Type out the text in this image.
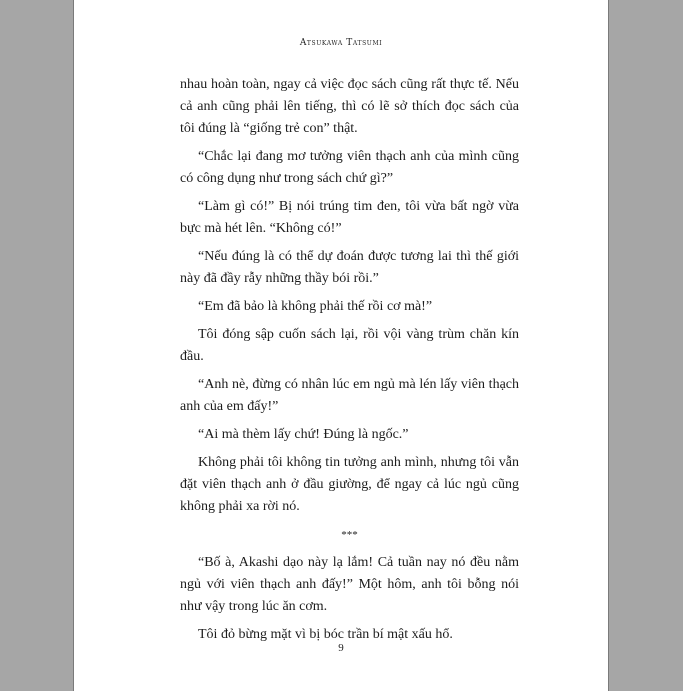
Atsukawa Tatsumi

nhau hoàn toàn, ngay cả việc đọc sách cũng rất thực tế. Nếu cả anh cũng phải lên tiếng, thì có lẽ sở thích đọc sách của tôi đúng là “giống trẻ con” thật.

“Chắc lại đang mơ tưởng viên thạch anh của mình cũng có công dụng như trong sách chứ gì?”

“Làm gì có!” Bị nói trúng tim đen, tôi vừa bất ngờ vừa bực mà hét lên. “Không có!”

“Nếu đúng là có thể dự đoán được tương lai thì thế giới này đã đầy rẫy những thầy bói rồi.”

“Em đã bảo là không phải thế rồi cơ mà!”

Tôi đóng sập cuốn sách lại, rồi vội vàng trùm chăn kín đầu.

“Anh nè, đừng có nhân lúc em ngủ mà lén lấy viên thạch anh của em đấy!”

“Ai mà thèm lấy chứ! Đúng là ngốc.”

Không phải tôi không tin tưởng anh mình, nhưng tôi vẫn đặt viên thạch anh ở đầu giường, để ngay cả lúc ngủ cũng không phải xa rời nó.

***

“Bố à, Akashi dạo này lạ lắm! Cả tuần nay nó đều nằm ngủ với viên thạch anh đấy!” Một hôm, anh tôi bỗng nói như vậy trong lúc ăn cơm.

Tôi đỏ bừng mặt vì bị bóc trần bí mật xấu hổ.

9
